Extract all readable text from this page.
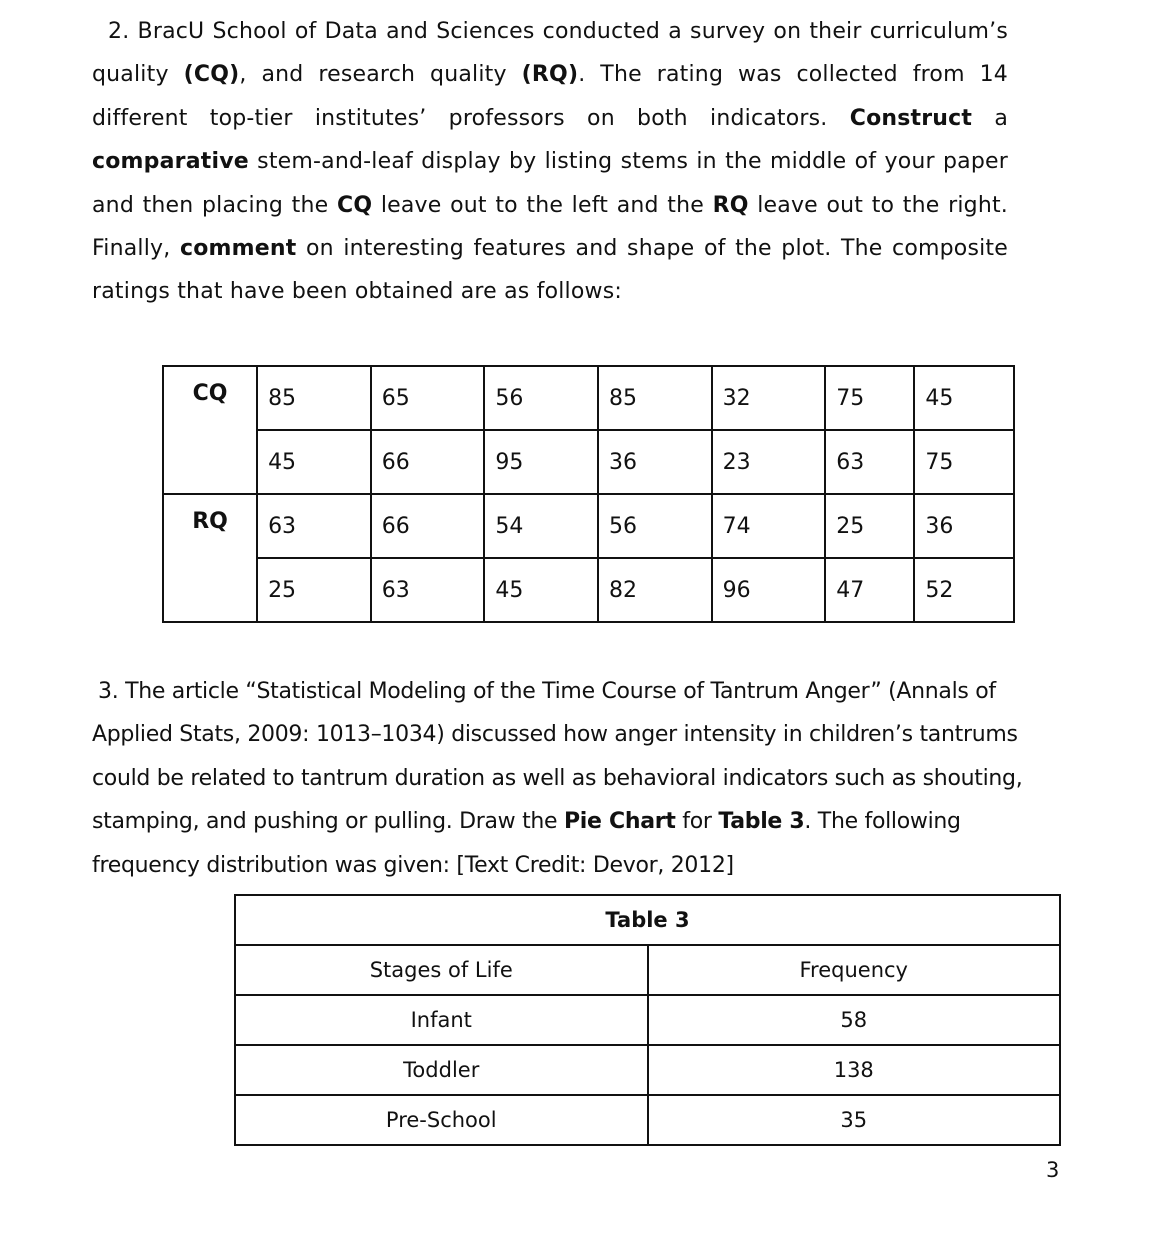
2. BracU School of Data and Sciences conducted a survey on their curriculum’s quality (CQ), and research quality (RQ). The rating was collected from 14 different top-tier institutes’ professors on both indicators. Construct a comparative stem-and-leaf display by listing stems in the middle of your paper and then placing the CQ leave out to the left and the RQ leave out to the right. Finally, comment on interesting features and shape of the plot. The composite ratings that have been obtained are as follows:
CQ	85	65	56	85	32	75	45
	45	66	95	36	23	63	75
RQ	63	66	54	56	74	25	36
	25	63	45	82	96	47	52
3. The article “Statistical Modeling of the Time Course of Tantrum Anger” (Annals of Applied Stats, 2009: 1013–1034) discussed how anger intensity in children’s tantrums could be related to tantrum duration as well as behavioral indicators such as shouting, stamping, and pushing or pulling. Draw the Pie Chart for Table 3. The following frequency distribution was given: [Text Credit: Devor, 2012]
Table 3	
Stages of Life	Frequency
Infant	58
Toddler	138
Pre-School	35
3
